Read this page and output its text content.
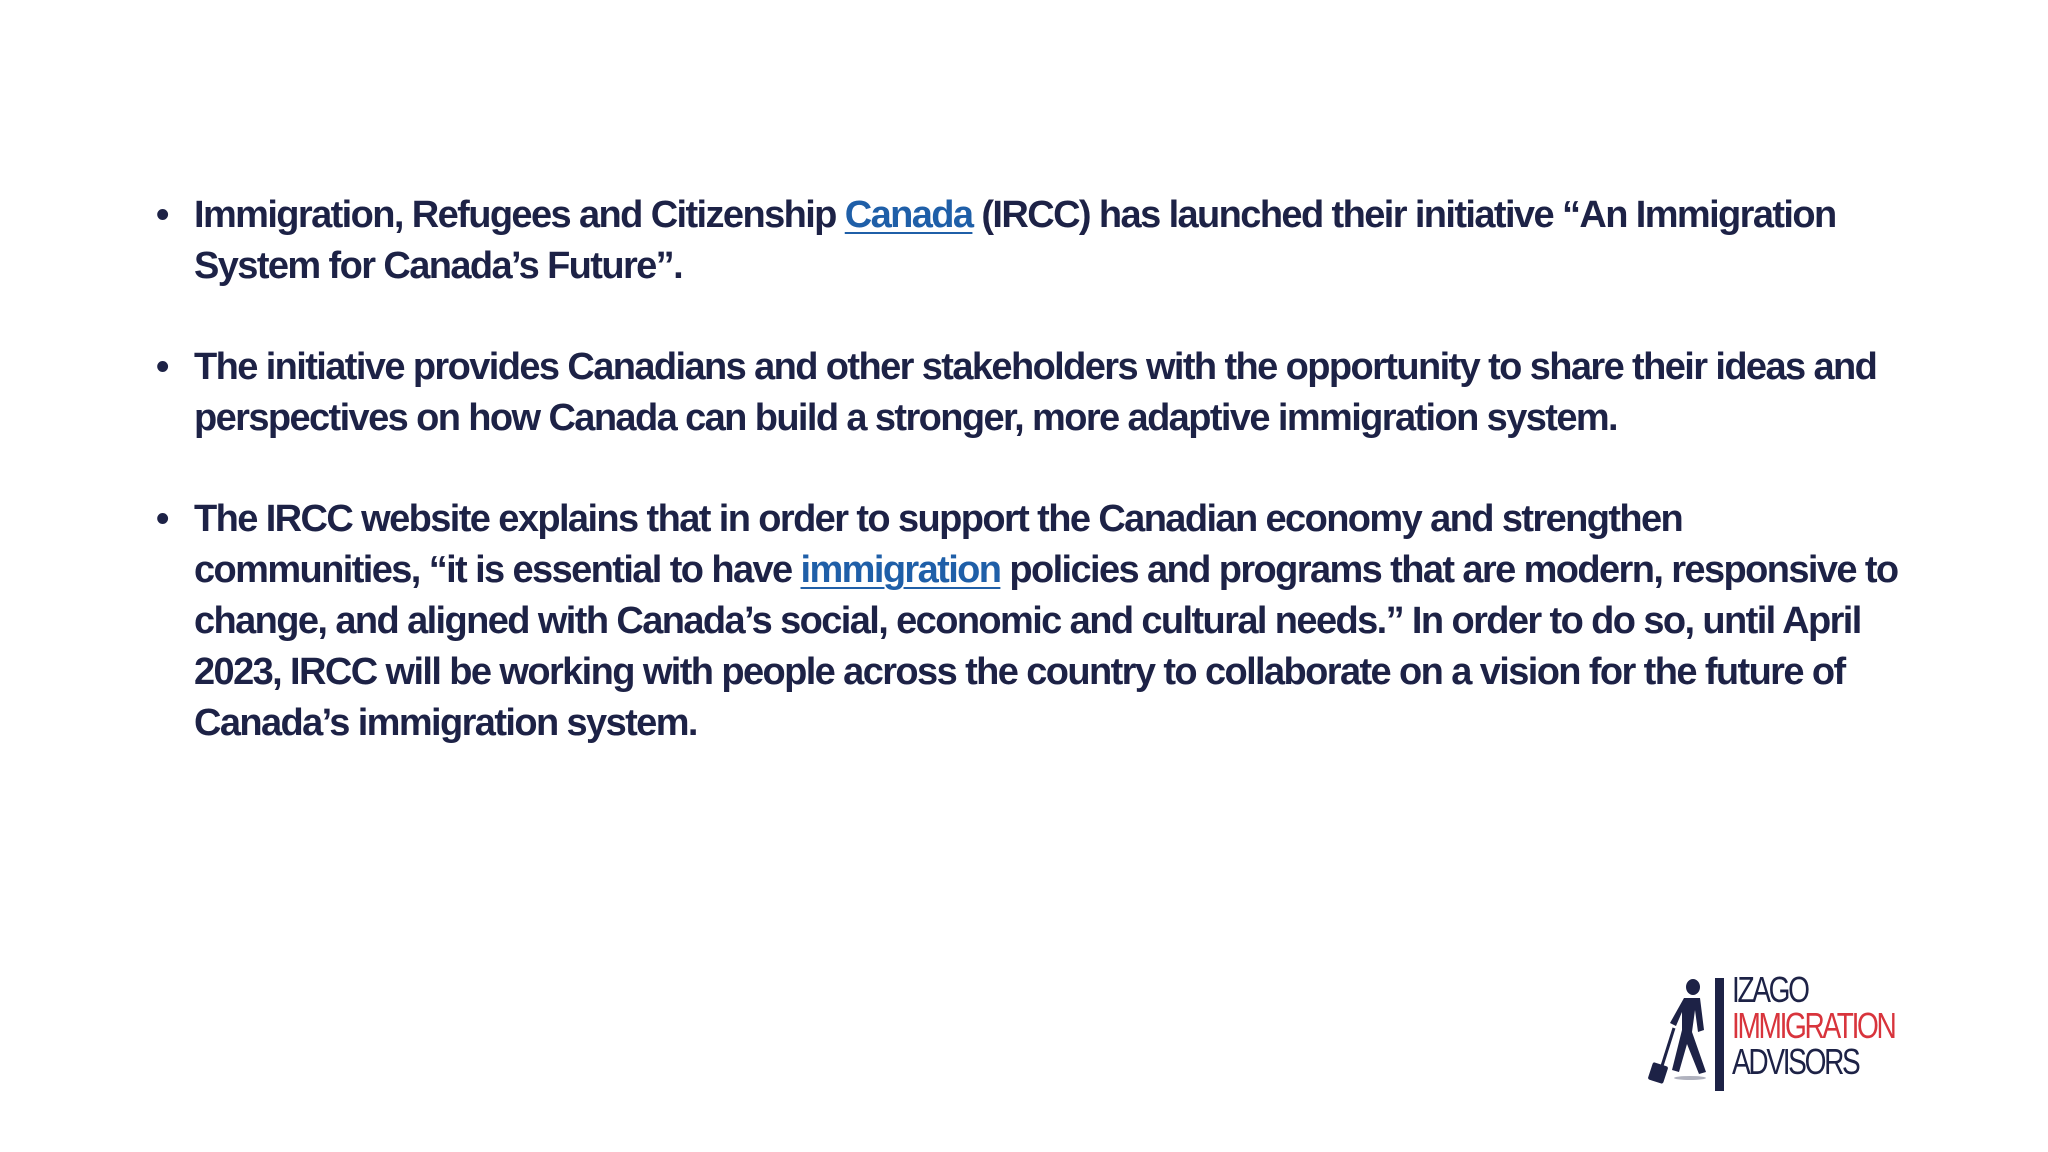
• Immigration, Refugees and Citizenship Canada (IRCC) has launched their initiative “An Immigration System for Canada’s Future”.
• The initiative provides Canadians and other stakeholders with the opportunity to share their ideas and perspectives on how Canada can build a stronger, more adaptive immigration system.
• The IRCC website explains that in order to support the Canadian economy and strengthen communities, “it is essential to have immigration policies and programs that are modern, responsive to change, and aligned with Canada’s social, economic and cultural needs.” In order to do so, until April 2023, IRCC will be working with people across the country to collaborate on a vision for the future of Canada’s immigration system.
IZAGO
IMMIGRATION
ADVISORS
